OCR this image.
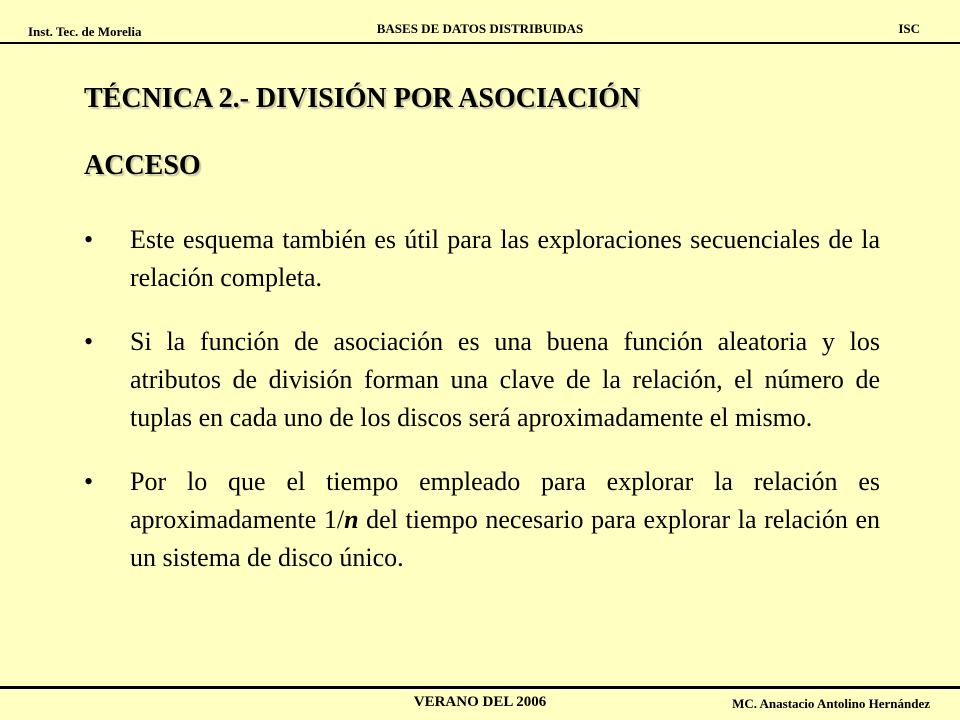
Inst. Tec. de Morelia	BASES DE DATOS DISTRIBUIDAS	ISC
TÉCNICA 2.- DIVISIÓN POR ASOCIACIÓN
ACCESO
•	Este esquema también es útil para las exploraciones secuenciales de la relación completa.
•	Si la función de asociación es una buena función aleatoria y los atributos de división forman una clave de la relación, el número de tuplas en cada uno de los discos será aproximadamente el mismo.
•	Por lo que el tiempo empleado para explorar la relación es aproximadamente 1/n del tiempo necesario para explorar la relación en un sistema de disco único.
VERANO DEL 2006	MC. Anastacio Antolino Hernández
